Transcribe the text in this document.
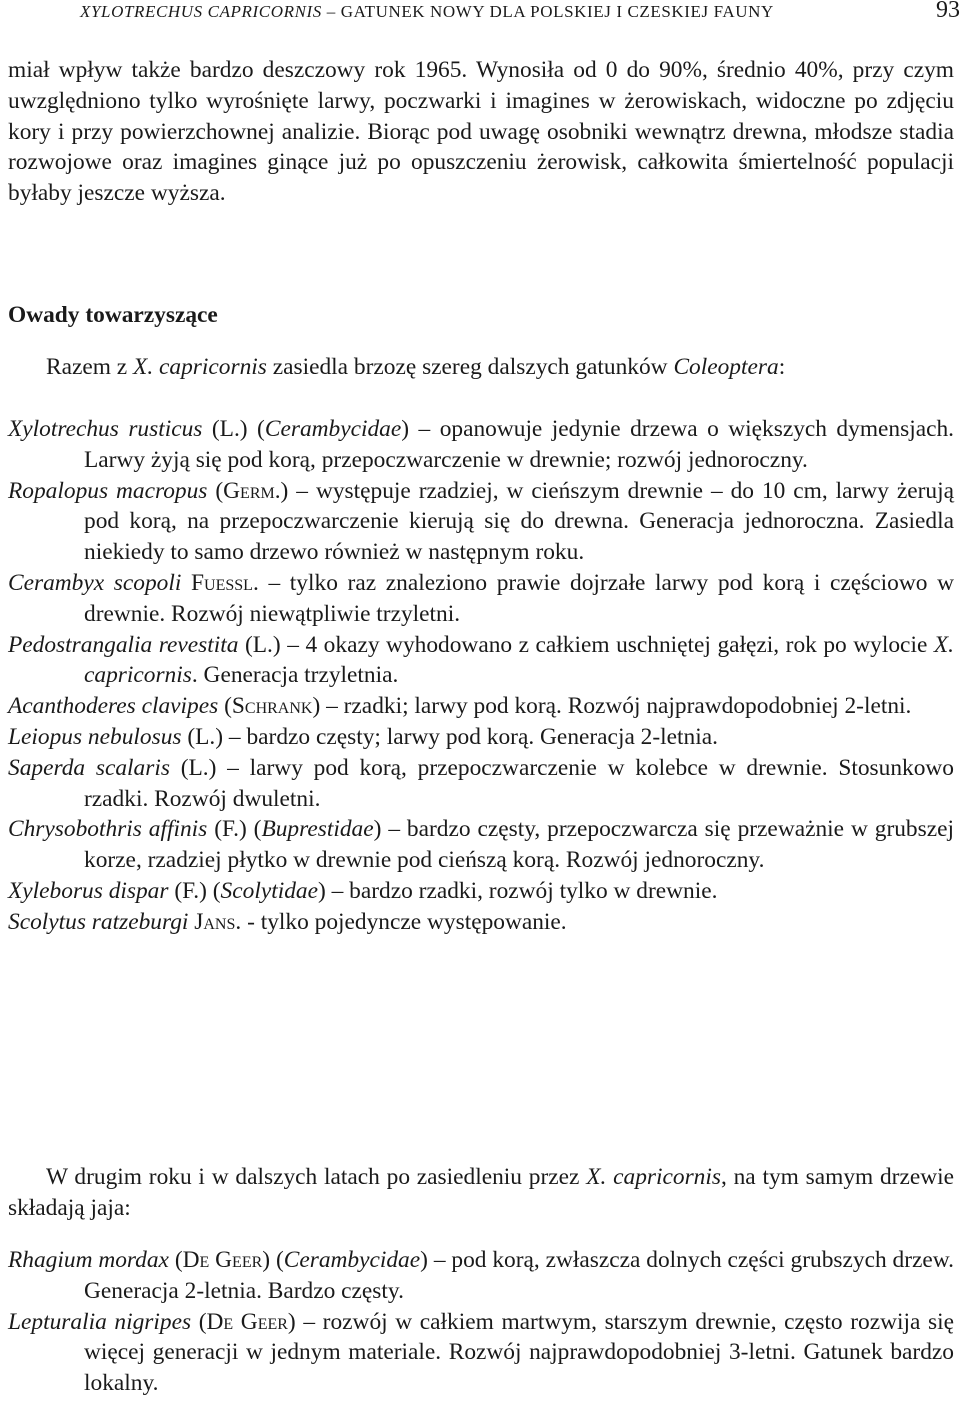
XYLOTRECHUS CAPRICORNIS – GATUNEK NOWY DLA POLSKIEJ I CZESKIEJ FAUNY	93

miał wpływ także bardzo deszczowy rok 1965. Wynosiła od 0 do 90%, średnio 40%, przy czym uwzględniono tylko wyrośnięte larwy, poczwarki i imagines w żerowiskach, widoczne po zdjęciu kory i przy powierzchownej analizie. Biorąc pod uwagę osobniki wewnątrz drewna, młodsze stadia rozwojowe oraz imagines ginące już po opuszczeniu żerowisk, całkowita śmiertelność populacji byłaby jeszcze wyższa.

Owady towarzyszące

Razem z X. capricornis zasiedla brzozę szereg dalszych gatunków Coleoptera:

Xylotrechus rusticus (L.) (Cerambycidae) – opanowuje jedynie drzewa o większych dymensjach. Larwy żyją się pod korą, przepoczwarczenie w drewnie; rozwój jednoroczny.

Ropalopus macropus (Germ.) – występuje rzadziej, w cieńszym drewnie – do 10 cm, larwy żerują pod korą, na przepoczwarczenie kierują się do drewna. Generacja jednoroczna. Zasiedla niekiedy to samo drzewo również w następnym roku.

Cerambyx scopoli Fuessl. – tylko raz znaleziono prawie dojrzałe larwy pod korą i częściowo w drewnie. Rozwój niewątpliwie trzyletni.

Pedostrangalia revestita (L.) – 4 okazy wyhodowano z całkiem uschniętej gałęzi, rok po wylocie X. capricornis. Generacja trzyletnia.

Acanthoderes clavipes (Schrank) – rzadki; larwy pod korą. Rozwój najprawdopodobniej 2-letni.

Leiopus nebulosus (L.) – bardzo częsty; larwy pod korą. Generacja 2-letnia.

Saperda scalaris (L.) – larwy pod korą, przepoczwarczenie w kolebce w drewnie. Stosunkowo rzadki. Rozwój dwuletni.

Chrysobothris affinis (F.) (Buprestidae) – bardzo częsty, przepoczwarcza się przeważnie w grubszej korze, rzadziej płytko w drewnie pod cieńszą korą. Rozwój jednoroczny.

Xyleborus dispar (F.) (Scolytidae) – bardzo rzadki, rozwój tylko w drewnie.

Scolytus ratzeburgi Jans. - tylko pojedyncze występowanie.

W drugim roku i w dalszych latach po zasiedleniu przez X. capricornis, na tym samym drzewie składają jaja:

Rhagium mordax (De Geer) (Cerambycidae) – pod korą, zwłaszcza dolnych części grubszych drzew. Generacja 2-letnia. Bardzo częsty.

Lepturalia nigripes (De Geer) – rozwój w całkiem martwym, starszym drewnie, często rozwija się więcej generacji w jednym materiale. Rozwój najprawdopodobniej 3-letni. Gatunek bardzo lokalny.
